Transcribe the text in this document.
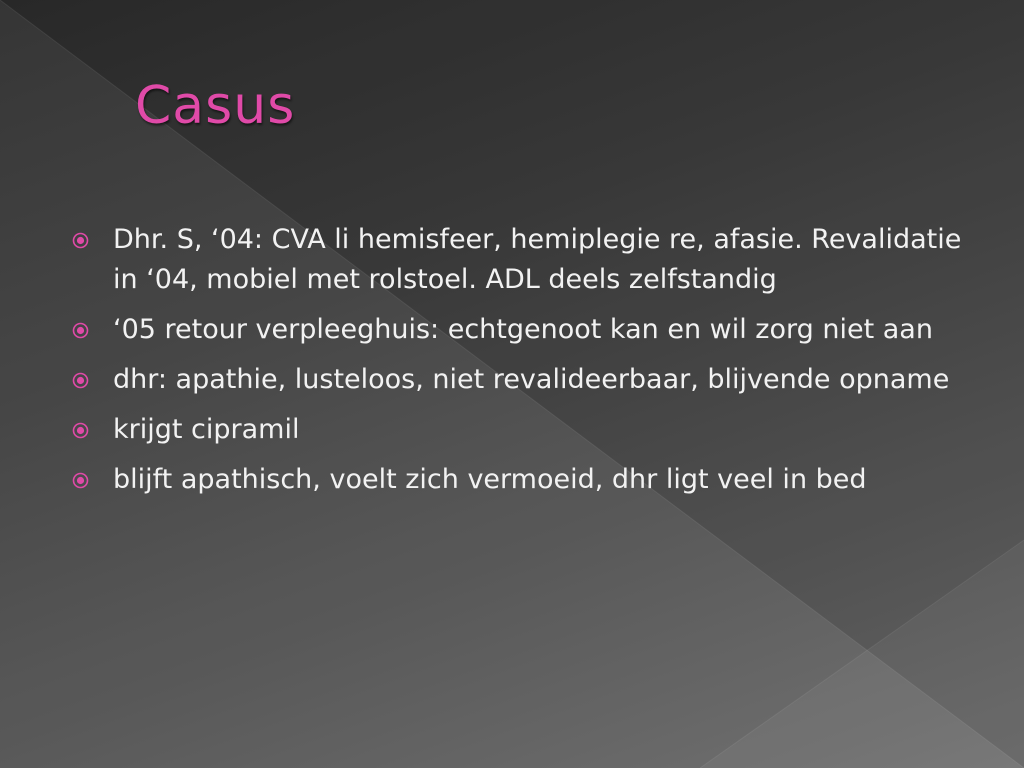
Casus
Dhr. S, ‘04: CVA li hemisfeer, hemiplegie re, afasie. Revalidatie in ‘04, mobiel met rolstoel. ADL deels zelfstandig
‘05 retour verpleeghuis: echtgenoot kan en wil zorg niet aan
dhr: apathie, lusteloos, niet revalideerbaar, blijvende opname
krijgt cipramil
blijft apathisch, voelt zich vermoeid, dhr ligt veel in bed
